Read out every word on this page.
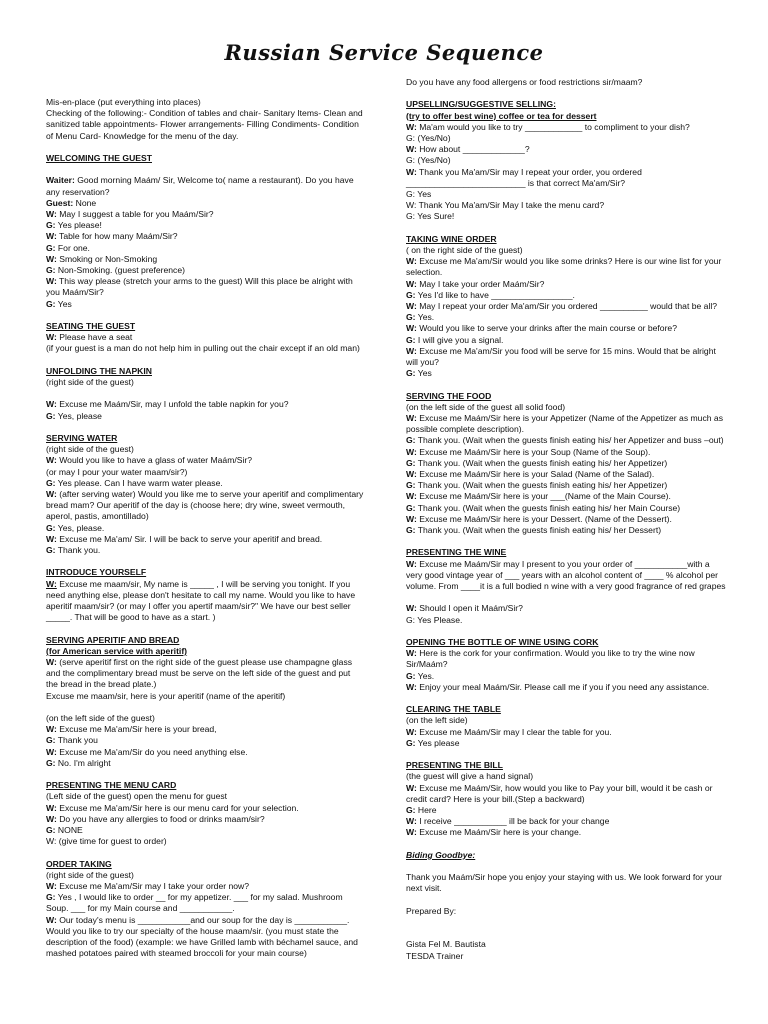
Russian Service Sequence

Mis-en-place (put everything into places)

Checking of the following:- Condition of tables and chair- Sanitary Items- Clean and sanitized table appointments- Flower arrangements- Filling Condiments- Condition of Menu Card- Knowledge for the menu of the day.

WELCOMING THE GUEST

Waiter: Good morning Maám/ Sir, Welcome to( name a restaurant). Do you have any reservation?

Guest: None

W: May I suggest a table for you Maám/Sir?

G: Yes please!

W: Table for how many Maám/Sir?

G: For one.

W: Smoking or Non-Smoking

G: Non-Smoking. (guest preference)

W: This way please (stretch your arms to the guest) Will this place be alright with you Maám/Sir?

G: Yes

SEATING THE GUEST

W: Please have a seat

(if your guest is a man do not help him in pulling out the chair except if an old man)

UNFOLDING THE NAPKIN

(right side of the guest)

W: Excuse me Maám/Sir, may I unfold the table napkin for you?

G: Yes, please

SERVING WATER

(right side of the guest)

W: Would you like to have a glass of water Maám/Sir?

(or may I pour your water maam/sir?)

G: Yes please. Can I have warm water please.

W: (after serving water) Would you like me to serve your aperitif and complimentary bread mam? Our aperitif of the day is (choose here; dry wine, sweet vermouth, aperol, pastis, amontillado)

G: Yes, please.

W: Excuse me Ma'am/ Sir. I will be back to serve your aperitif and bread.

G: Thank you.

INTRODUCE YOURSELF

W: Excuse me maam/sir, My name is _____ , I will be serving you tonight. If you need anything else, please don't hesitate to call my name. Would you like to have aperitif maam/sir? (or may I offer you apertif maam/sir?" We have our best seller _____. That will be good to have as a start. )

SERVING APERITIF AND BREAD

(for American service with aperitif)

W: (serve aperitif first on the right side of the guest please use champagne glass and the complimentary bread must be serve on the left side of the guest and put the bread in the bread plate.)

Excuse me maam/sir, here is your aperitif (name of the aperitif)

(on the left side of the guest)

W: Excuse me Ma'am/Sir here is your bread,

G: Thank you

W: Excuse me Ma'am/Sir do you need anything else.

G: No. I'm alright

PRESENTING THE MENU CARD

(Left side of the guest) open the menu for guest

W: Excuse me Ma'am/Sir here is our menu card for your selection.

W: Do you have any allergies to food or drinks maam/sir?

G: NONE

W: (give time for guest to order)

ORDER TAKING

(right side of the guest)

W: Excuse me Ma'am/Sir may I take your order now?

G: Yes , I would like to order __ for my appetizer. ___ for my salad. Mushroom Soup. ___ for my Main course and ___________.

W: Our today's menu is ___________and our soup for the day is ___________. Would you like to try our specialty of the house maam/sir. (you must state the description of the food) (example: we have Grilled lamb with béchamel sauce, and mashed potatoes paired with steamed broccoli for your main course)

Do you have any food allergens or food restrictions sir/maam?

UPSELLING/SUGGESTIVE SELLING:

(try to offer best wine) coffee or tea for dessert

W: Ma'am would you like to try ____________ to compliment to your dish?

G: (Yes/No)

W: How about _____________?

G: (Yes/No)

W: Thank you Ma'am/Sir may I repeat your order, you ordered _________________________ is that correct Ma'am/Sir?

G: Yes

W: Thank You Ma'am/Sir May I take the menu card?

G: Yes Sure!

TAKING WINE ORDER

( on the right side of the guest)

W: Excuse me Ma'am/Sir would you like some drinks? Here is our wine list for your selection.

W: May I take your order Maám/Sir?

G: Yes I'd like to have _________________.

W: May I repeat your order Ma'am/Sir you ordered __________ would that be all?

G: Yes.

W: Would you like to serve your drinks after the main course or before?

G: I will give you a signal.

W: Excuse me Ma'am/Sir you food will be serve for 15 mins. Would that be alright will you?

G: Yes

SERVING THE FOOD

(on the left side of the guest all solid food)

W: Excuse me Maám/Sir here is your Appetizer (Name of the Appetizer as much as possible complete description).

G: Thank you. (Wait when the guests finish eating his/ her Appetizer and buss –out)

W: Excuse me Maám/Sir here is your Soup (Name of the Soup).

G: Thank you. (Wait when the guests finish eating his/ her Appetizer)

W: Excuse me Maám/Sir here is your Salad (Name of the Salad).

G: Thank you. (Wait when the guests finish eating his/ her Appetizer)

W: Excuse me Maám/Sir here is your ___(Name of the Main Course).

G: Thank you. (Wait when the guests finish eating his/ her Main Course)

W: Excuse me Maám/Sir here is your Dessert. (Name of the Dessert).

G: Thank you. (Wait when the guests finish eating his/ her Dessert)

PRESENTING THE WINE

W: Excuse me Maám/Sir may I present to you your order of ___________with a very good vintage year of ___ years with an alcohol content of ____ % alcohol per volume. From ____it is a full bodied n wine with a very good fragrance of red grapes

W: Should I open it Maám/Sir?

G: Yes Please.

OPENING THE BOTTLE OF WINE USING CORK

W: Here is the cork for your confirmation. Would you like to try the wine now Sir/Maám?

G: Yes.

W: Enjoy your meal Maám/Sir. Please call me if you if you need any assistance.

CLEARING THE TABLE

(on the left side)

W: Excuse me Maám/Sir may I clear the table for you.

G: Yes please

PRESENTING THE BILL

(the guest will give a hand signal)

W: Excuse me Maám/Sir, how would you like to Pay your bill, would it be cash or credit card? Here is your bill.(Step a backward)

G: Here

W: I receive ___________ ill be back for your change

W: Excuse me Maám/Sir here is your change.

Biding Goodbye:

Thank you Maám/Sir hope you enjoy your staying with us. We look forward for your next visit.

Prepared By:

Gista Fel M. Bautista

TESDA Trainer
